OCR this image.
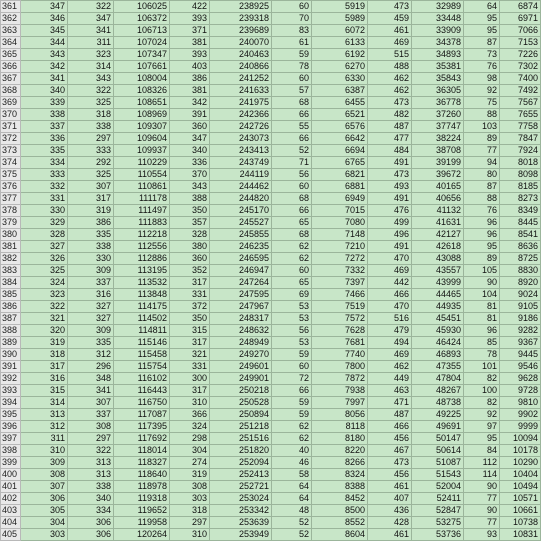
361	347	322	106025	422	238925	60	5919	473	32989	64	6874
362	346	347	106372	393	239318	70	5989	459	33448	95	6971
363	345	341	106713	371	239689	83	6072	461	33909	95	7066
364	344	311	107024	381	240070	61	6133	469	34378	87	7153
365	343	323	107347	393	240463	59	6192	515	34893	73	7226
366	342	314	107661	403	240866	78	6270	488	35381	76	7302
367	341	343	108004	386	241252	60	6330	462	35843	98	7400
368	340	322	108326	381	241633	57	6387	462	36305	92	7492
369	339	325	108651	342	241975	68	6455	473	36778	75	7567
370	338	318	108969	391	242366	66	6521	482	37260	88	7655
371	337	338	109307	360	242726	55	6576	487	37747	103	7758
372	336	297	109604	347	243073	66	6642	477	38224	89	7847
373	335	333	109937	340	243413	52	6694	484	38708	77	7924
374	334	292	110229	336	243749	71	6765	491	39199	94	8018
375	333	325	110554	370	244119	56	6821	473	39672	80	8098
376	332	307	110861	343	244462	60	6881	493	40165	87	8185
377	331	317	111178	388	244820	68	6949	491	40656	88	8273
378	330	319	111497	350	245170	66	7015	476	41132	76	8349
379	329	386	111883	357	245527	65	7080	499	41631	96	8445
380	328	335	112218	328	245855	68	7148	496	42127	96	8541
381	327	338	112556	380	246235	62	7210	491	42618	95	8636
382	326	330	112886	360	246595	62	7272	470	43088	89	8725
383	325	309	113195	352	246947	60	7332	469	43557	105	8830
384	324	337	113532	317	247264	65	7397	442	43999	90	8920
385	323	316	113848	331	247595	69	7466	466	44465	104	9024
386	322	327	114175	372	247967	53	7519	470	44935	81	9105
387	321	327	114502	350	248317	53	7572	516	45451	81	9186
388	320	309	114811	315	248632	56	7628	479	45930	96	9282
389	319	335	115146	317	248949	53	7681	494	46424	85	9367
390	318	312	115458	321	249270	59	7740	469	46893	78	9445
391	317	296	115754	331	249601	60	7800	462	47355	101	9546
392	316	348	116102	300	249901	72	7872	449	47804	82	9628
393	315	341	116443	317	250218	66	7938	463	48267	100	9728
394	314	307	116750	310	250528	59	7997	471	48738	82	9810
395	313	337	117087	366	250894	59	8056	487	49225	92	9902
396	312	308	117395	324	251218	62	8118	466	49691	97	9999
397	311	297	117692	298	251516	62	8180	456	50147	95	10094
398	310	322	118014	304	251820	40	8220	467	50614	84	10178
399	309	313	118327	274	252094	46	8266	473	51087	112	10290
400	308	313	118640	319	252413	58	8324	456	51543	114	10404
401	307	338	118978	308	252721	64	8388	461	52004	90	10494
402	306	340	119318	303	253024	64	8452	407	52411	77	10571
403	305	334	119652	318	253342	48	8500	436	52847	90	10661
404	304	306	119958	297	253639	52	8552	428	53275	77	10738
405	303	306	120264	310	253949	52	8604	461	53736	93	10831
